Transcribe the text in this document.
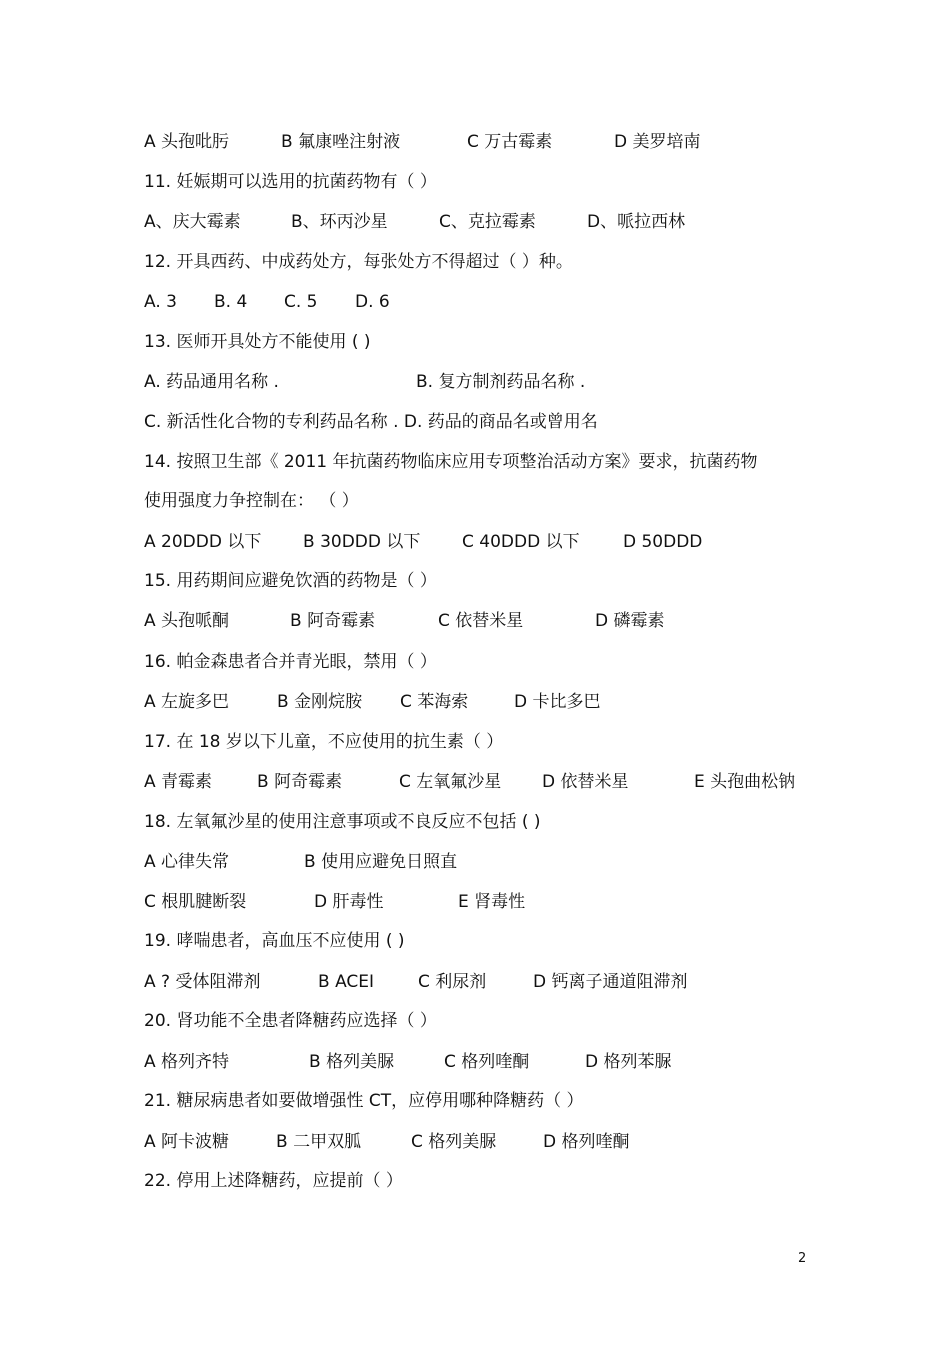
A 头孢吡肟	B 氟康唑注射液	C 万古霉素	D 美罗培南
11. 妊娠期可以选用的抗菌药物有（ ）
A、庆大霉素	B、环丙沙星	C、克拉霉素	D、哌拉西林
12. 开具西药、中成药处方，每张处方不得超过（ ）种。
A. 3 B. 4 C. 5 D. 6
13. 医师开具处方不能使用 ( )
A. 药品通用名称 .	B. 复方制剂药品名称 .
C. 新活性化合物的专利药品名称 . D. 药品的商品名或曾用名
14. 按照卫生部《 2011 年抗菌药物临床应用专项整治活动方案》要求，抗菌药物
使用强度力争控制在： （ ）
A 20DDD 以下 B 30DDD 以下 C 40DDD 以下	D 50DDD
15. 用药期间应避免饮酒的药物是（ ）
A 头孢哌酮	B 阿奇霉素	C 依替米星	D 磷霉素
16. 帕金森患者合并青光眼，禁用（ ）
A 左旋多巴	B 金刚烷胺 C 苯海索	D 卡比多巴
17. 在 18 岁以下儿童，不应使用的抗生素（ ）
A 青霉素	B 阿奇霉素	C 左氧氟沙星 D 依替米星	E 头孢曲松钠
18. 左氧氟沙星的使用注意事项或不良反应不包括 ( )
A 心律失常	B 使用应避免日照直
C 根肌腱断裂	D 肝毒性	E 肾毒性
19. 哮喘患者，高血压不应使用 ( )
A ? 受体阻滞剂	B ACEI	C 利尿剂	D 钙离子通道阻滞剂
20. 肾功能不全患者降糖药应选择（ ）
A 格列齐特	B 格列美脲	C 格列喹酮	D 格列苯脲
21. 糖尿病患者如要做增强性 CT，应停用哪种降糖药（ ）
A 阿卡波糖	B 二甲双胍	C 格列美脲	D 格列喹酮
22. 停用上述降糖药，应提前（ ）
2
